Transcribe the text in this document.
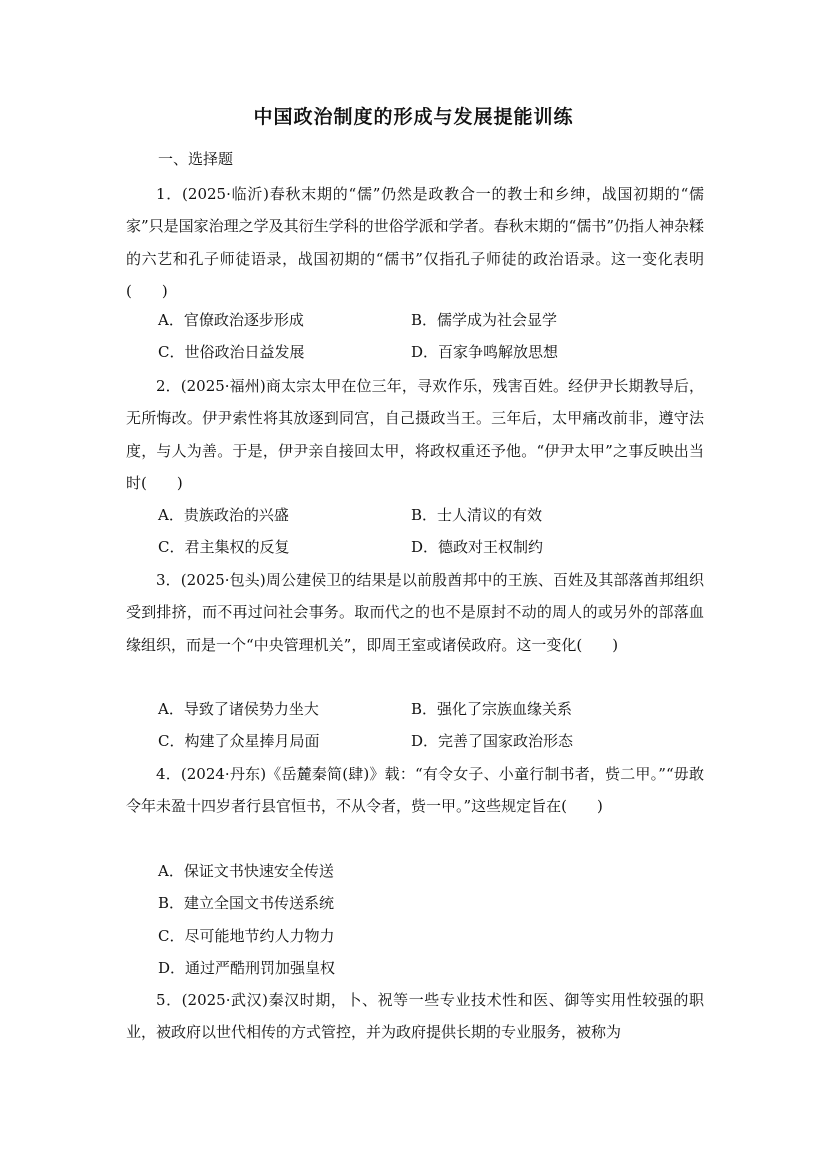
中国政治制度的形成与发展提能训练
一、选择题
1．(2025·临沂)春秋末期的“儒”仍然是政教合一的教士和乡绅，战国初期的“儒家”只是国家治理之学及其衍生学科的世俗学派和学者。春秋末期的“儒书”仍指人神杂糅的六艺和孔子师徒语录，战国初期的“儒书”仅指孔子师徒的政治语录。这一变化表明(　　)
A．官僚政治逐步形成	B．儒学成为社会显学
C．世俗政治日益发展	D．百家争鸣解放思想
2．(2025·福州)商太宗太甲在位三年，寻欢作乐，残害百姓。经伊尹长期教导后，无所悔改。伊尹索性将其放逐到同宫，自己摄政当王。三年后，太甲痛改前非，遵守法度，与人为善。于是，伊尹亲自接回太甲，将政权重还予他。“伊尹太甲”之事反映出当时(　　)
A．贵族政治的兴盛	B．士人清议的有效
C．君主集权的反复	D．德政对王权制约
3．(2025·包头)周公建侯卫的结果是以前殷酋邦中的王族、百姓及其部落酋邦组织受到排挤，而不再过问社会事务。取而代之的也不是原封不动的周人的或另外的部落血缘组织，而是一个“中央管理机关”，即周王室或诸侯政府。这一变化(　　)
A．导致了诸侯势力坐大	B．强化了宗族血缘关系
C．构建了众星捧月局面	D．完善了国家政治形态
4．(2024·丹东)《岳麓秦简(肆)》载：“有令女子、小童行制书者，赀二甲。”“毋敢令年未盈十四岁者行县官恒书，不从令者，赀一甲。”这些规定旨在(　　)
A．保证文书快速安全传送
B．建立全国文书传送系统
C．尽可能地节约人力物力
D．通过严酷刑罚加强皇权
5．(2025·武汉)秦汉时期，卜、祝等一些专业技术性和医、御等实用性较强的职业，被政府以世代相传的方式管控，并为政府提供长期的专业服务，被称为
